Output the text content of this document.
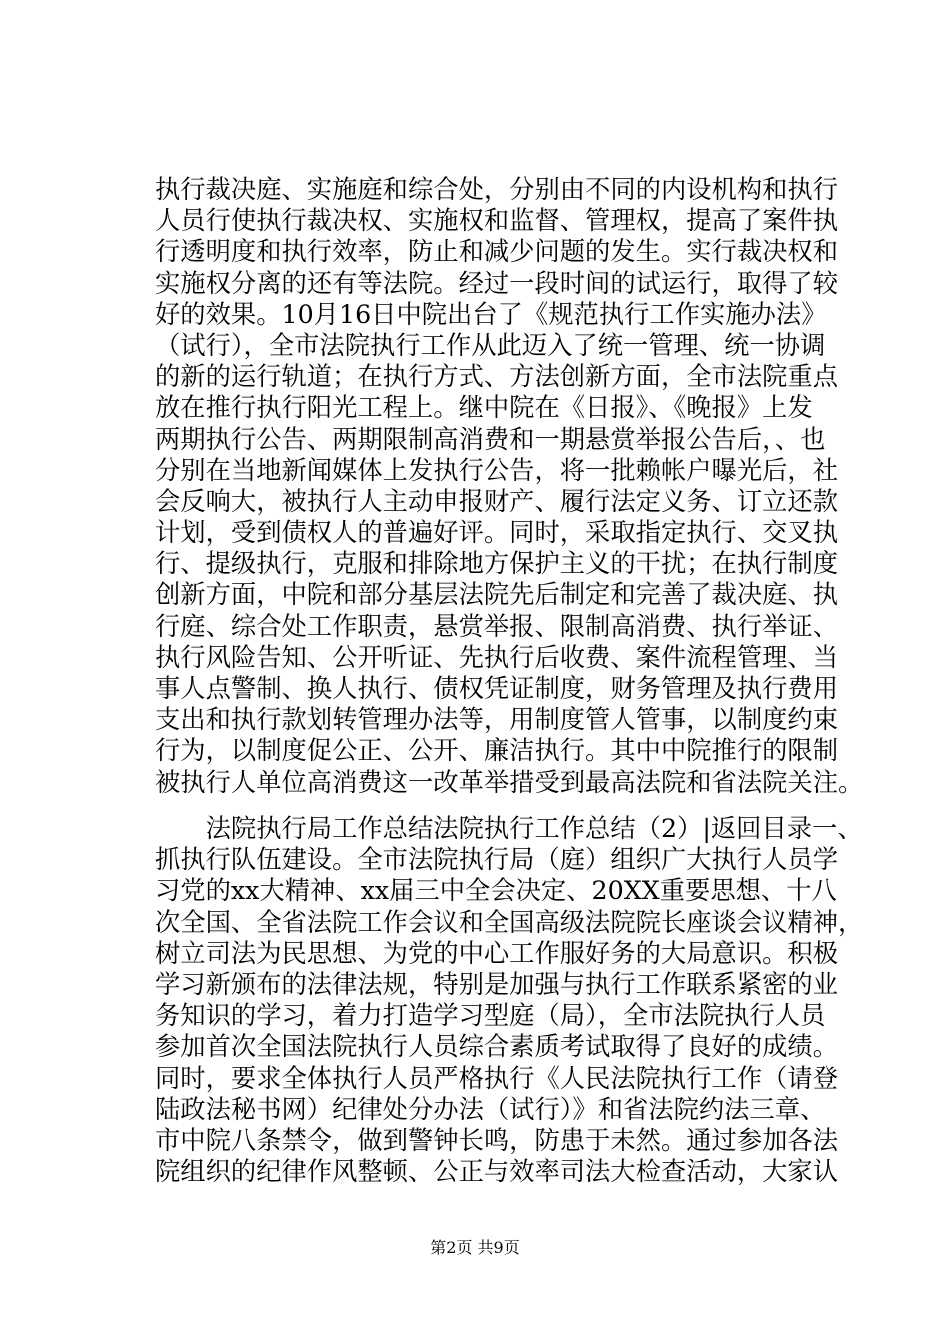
执行裁决庭、实施庭和综合处，分别由不同的内设机构和执行
人员行使执行裁决权、实施权和监督、管理权，提高了案件执
行透明度和执行效率，防止和减少问题的发生。实行裁决权和
实施权分离的还有等法院。经过一段时间的试运行，取得了较
好的效果。10月16日中院出台了《规范执行工作实施办法》
（试行），全市法院执行工作从此迈入了统一管理、统一协调
的新的运行轨道；在执行方式、方法创新方面，全市法院重点
放在推行执行阳光工程上。继中院在《日报》、《晚报》上发
两期执行公告、两期限制高消费和一期悬赏举报公告后，、也
分别在当地新闻媒体上发执行公告，将一批赖帐户曝光后，社
会反响大，被执行人主动申报财产、履行法定义务、订立还款
计划，受到债权人的普遍好评。同时，采取指定执行、交叉执
行、提级执行，克服和排除地方保护主义的干扰；在执行制度
创新方面，中院和部分基层法院先后制定和完善了裁决庭、执
行庭、综合处工作职责，悬赏举报、限制高消费、执行举证、
执行风险告知、公开听证、先执行后收费、案件流程管理、当
事人点警制、换人执行、债权凭证制度，财务管理及执行费用
支出和执行款划转管理办法等，用制度管人管事，以制度约束
行为，以制度促公正、公开、廉洁执行。其中中院推行的限制
被执行人单位高消费这一改革举措受到最高法院和省法院关注。
　　法院执行局工作总结法院执行工作总结（2）|返回目录一、
抓执行队伍建设。全市法院执行局（庭）组织广大执行人员学
习党的xx大精神、xx届三中全会决定、20XX重要思想、十八
次全国、全省法院工作会议和全国高级法院院长座谈会议精神，
树立司法为民思想、为党的中心工作服好务的大局意识。积极
学习新颁布的法律法规，特别是加强与执行工作联系紧密的业
务知识的学习，着力打造学习型庭（局），全市法院执行人员
参加首次全国法院执行人员综合素质考试取得了良好的成绩。
同时，要求全体执行人员严格执行《人民法院执行工作（请登
陆政法秘书网）纪律处分办法（试行）》和省法院约法三章、
市中院八条禁令，做到警钟长鸣，防患于未然。通过参加各法
院组织的纪律作风整顿、公正与效率司法大检查活动，大家认
第2页 共9页
